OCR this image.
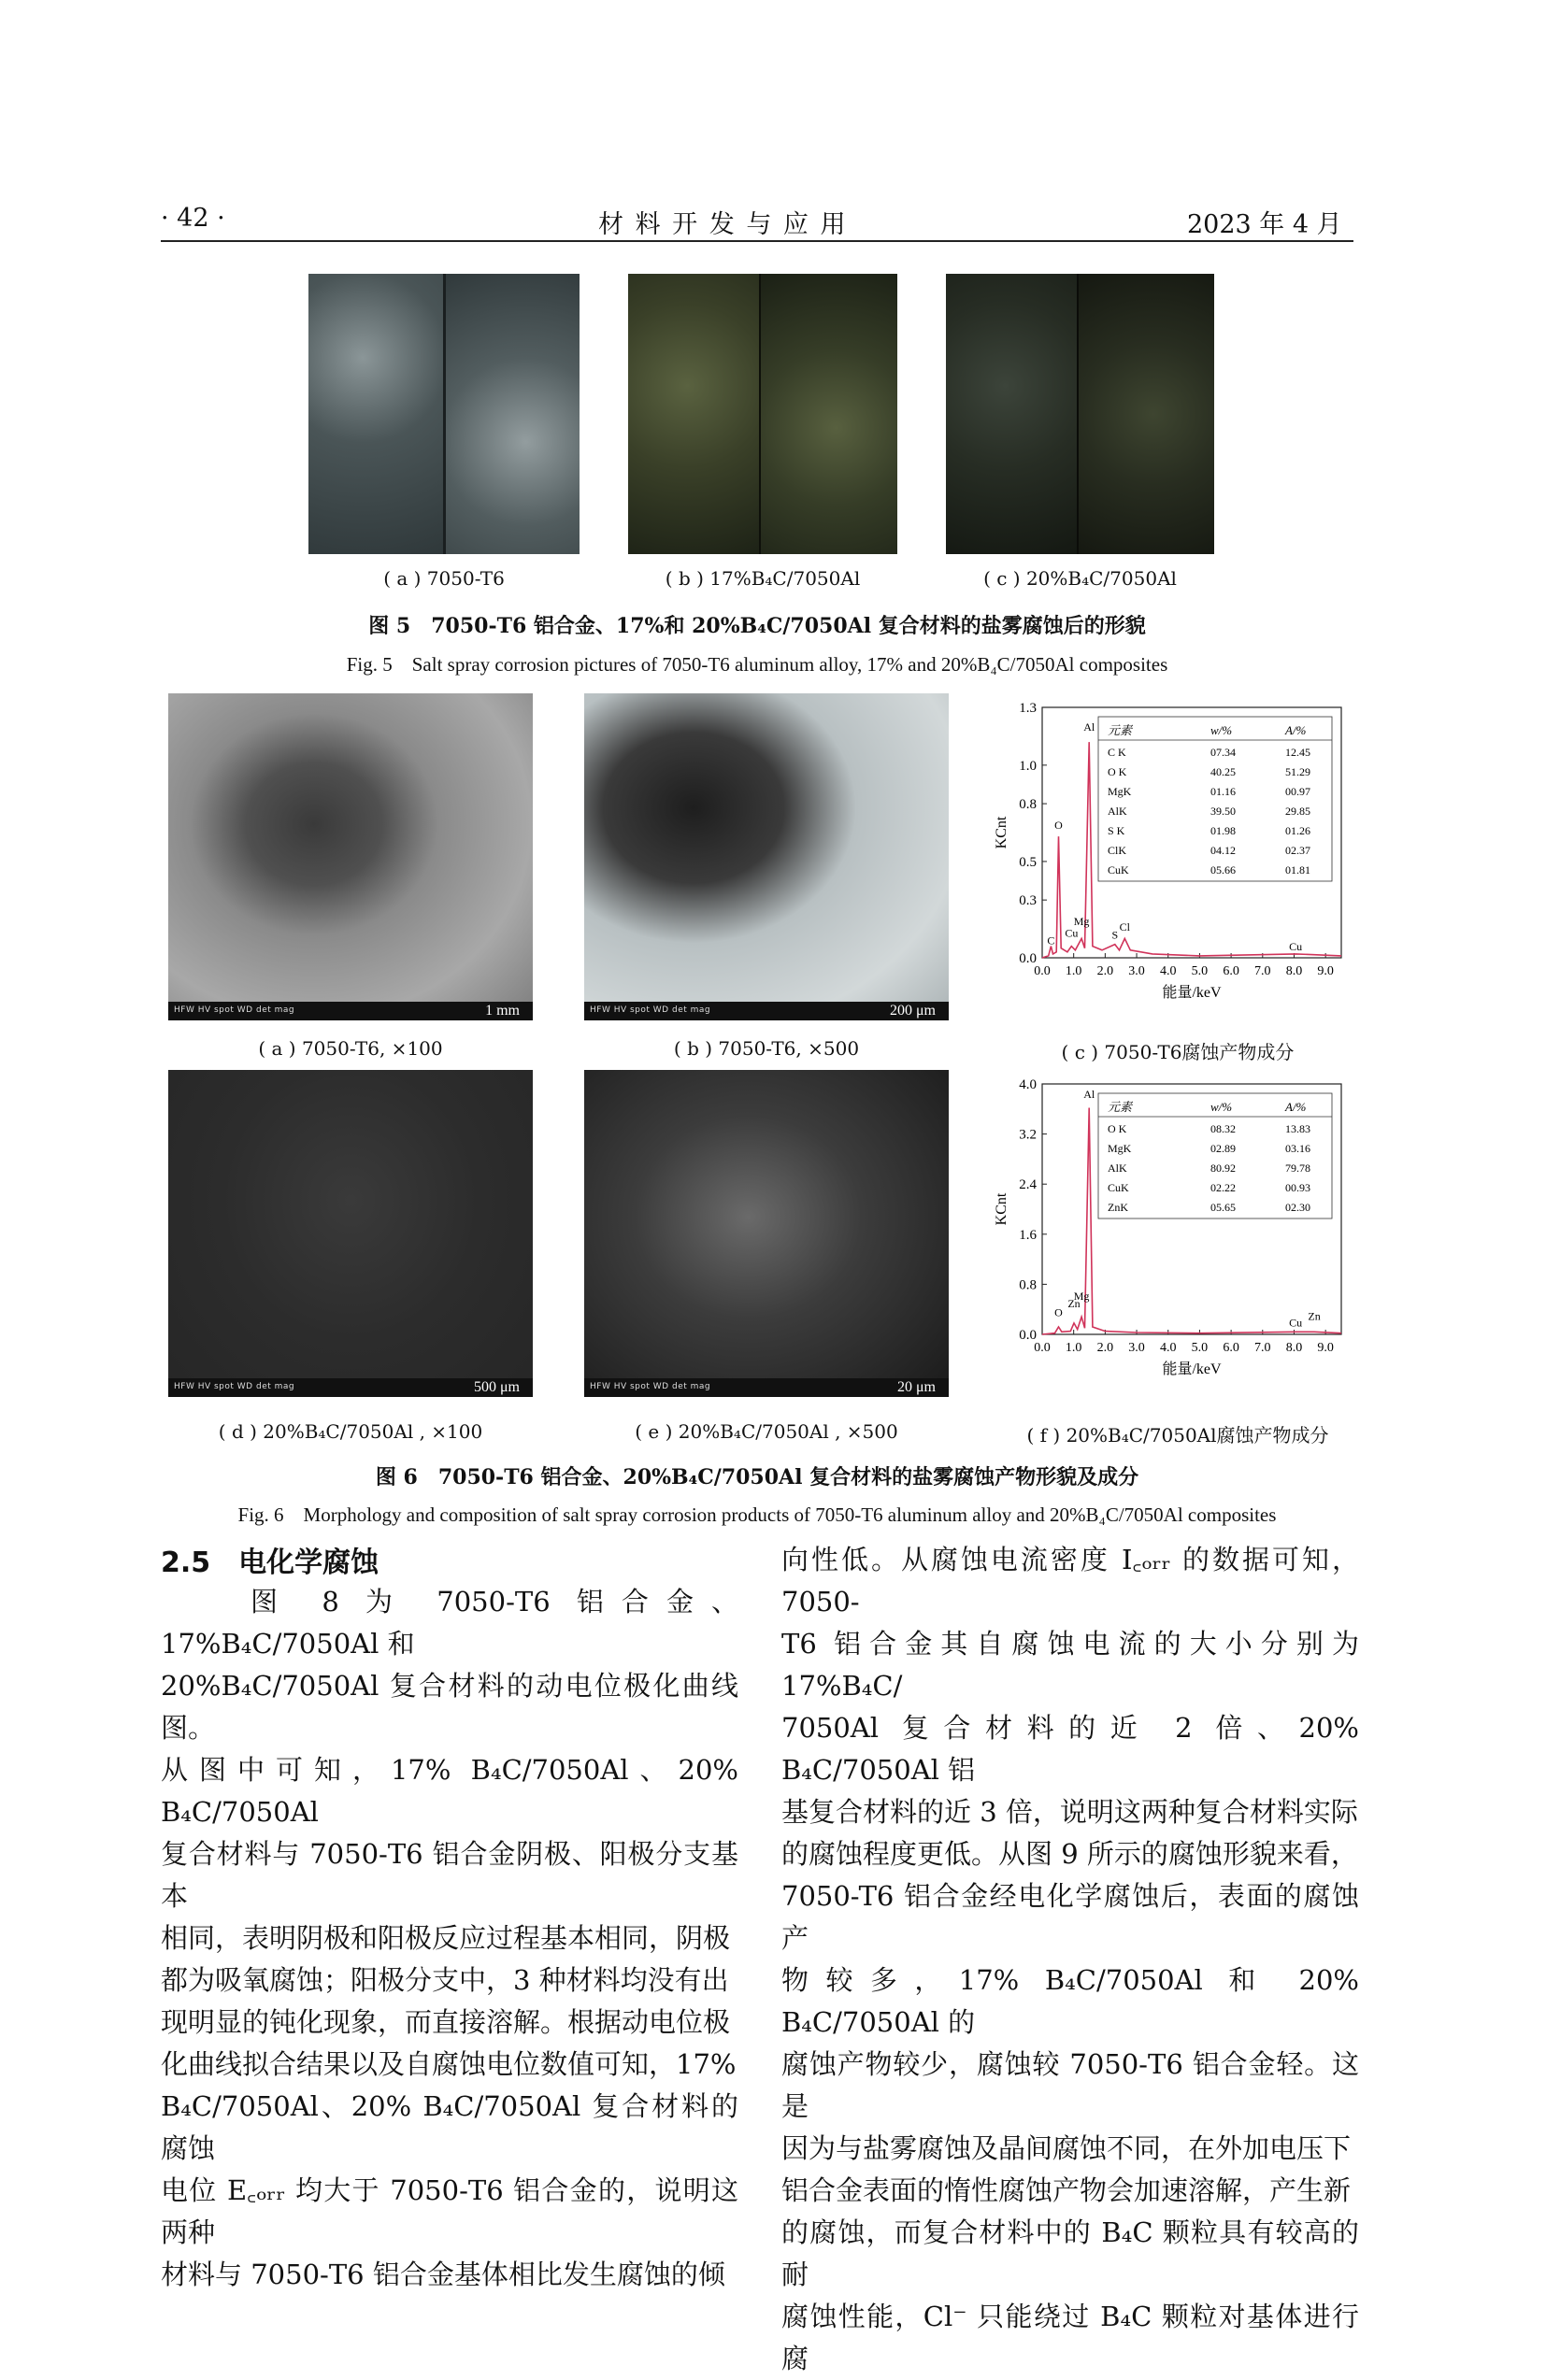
· 42 ·	材 料 开 发 与 应 用	2023 年 4 月
( a ) 7050-T6	( b ) 17%B₄C/7050Al	( c ) 20%B₄C/7050Al
图 5　7050-T6 铝合金、17%和 20%B₄C/7050Al 复合材料的盐雾腐蚀后的形貌
Fig. 5　Salt spray corrosion pictures of 7050-T6 aluminum alloy, 17% and 20%B₄C/7050Al composites
HFW HV spot WD det mag	1 mm	HFW HV spot WD det mag	200 μm
HFW HV spot WD det mag	500 μm	HFW HV spot WD det mag	20 μm
0.0
0.3
0.5
0.8
1.0
1.3
0.0 1.0 2.0 3.0 4.0 5.0 6.0 7.0 8.0 9.0
能量/keV
KCnt
C
O
Cu
Mg
Al
S
Cl
Cu
元素	w/%	A/%
C K	07.34	12.45
O K	40.25	51.29
MgK	01.16	00.97
AlK	39.50	29.85
S K	01.98	01.26
ClK	04.12	02.37
CuK	05.66	01.81
0.0
0.8
1.6
2.4
3.2
4.0
0.0 1.0 2.0 3.0 4.0 5.0 6.0 7.0 8.0 9.0
能量/keV
KCnt
O
Zn
Mg
Al
Cu Zn
元素	w/%	A/%
O K	08.32	13.83
MgK	02.89	03.16
AlK	80.92	79.78
CuK	02.22	00.93
ZnK	05.65	02.30
( a ) 7050-T6, ×100	( b ) 7050-T6, ×500	( c ) 7050-T6腐蚀产物成分
( d ) 20%B₄C/7050Al , ×100	( e ) 20%B₄C/7050Al , ×500	( f ) 20%B₄C/7050Al腐蚀产物成分
图 6　7050-T6 铝合金、20%B₄C/7050Al 复合材料的盐雾腐蚀产物形貌及成分
Fig. 6　Morphology and composition of salt spray corrosion products of 7050-T6 aluminum alloy and 20%B₄C/7050Al composites
2.5　电化学腐蚀

　　图 8 为 7050-T6 铝合金、17%B₄C/7050Al 和

20%B₄C/7050Al 复合材料的动电位极化曲线图。

从图中可知，17% B₄C/7050Al、20% B₄C/7050Al

复合材料与 7050-T6 铝合金阴极、阳极分支基本

相同，表明阴极和阳极反应过程基本相同，阴极

都为吸氧腐蚀；阳极分支中，3 种材料均没有出

现明显的钝化现象，而直接溶解。根据动电位极

化曲线拟合结果以及自腐蚀电位数值可知，17%

B₄C/7050Al、20% B₄C/7050Al 复合材料的腐蚀

电位 E꜀ₒᵣᵣ 均大于 7050-T6 铝合金的，说明这两种

材料与 7050-T6 铝合金基体相比发生腐蚀的倾

向性低。从腐蚀电流密度 I꜀ₒᵣᵣ 的数据可知，7050-

T6 铝合金其自腐蚀电流的大小分别为 17%B₄C/

7050Al 复合材料的近 2 倍、20% B₄C/7050Al 铝

基复合材料的近 3 倍，说明这两种复合材料实际

的腐蚀程度更低。从图 9 所示的腐蚀形貌来看，

7050-T6 铝合金经电化学腐蚀后，表面的腐蚀产

物较多，17% B₄C/7050Al 和 20% B₄C/7050Al 的

腐蚀产物较少，腐蚀较 7050-T6 铝合金轻。这是

因为与盐雾腐蚀及晶间腐蚀不同，在外加电压下

铝合金表面的惰性腐蚀产物会加速溶解，产生新

的腐蚀，而复合材料中的 B₄C 颗粒具有较高的耐

腐蚀性能，Cl⁻ 只能绕过 B₄C 颗粒对基体进行腐
